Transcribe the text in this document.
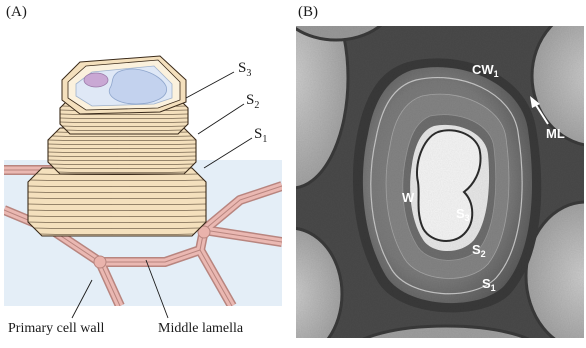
(A)	(B)
$S_3$
$S_2$
$S_1$
Primary cell wall	Middle lamella
$CW_1$
ML
W
$S_3$
$S_2$
$S_1$
